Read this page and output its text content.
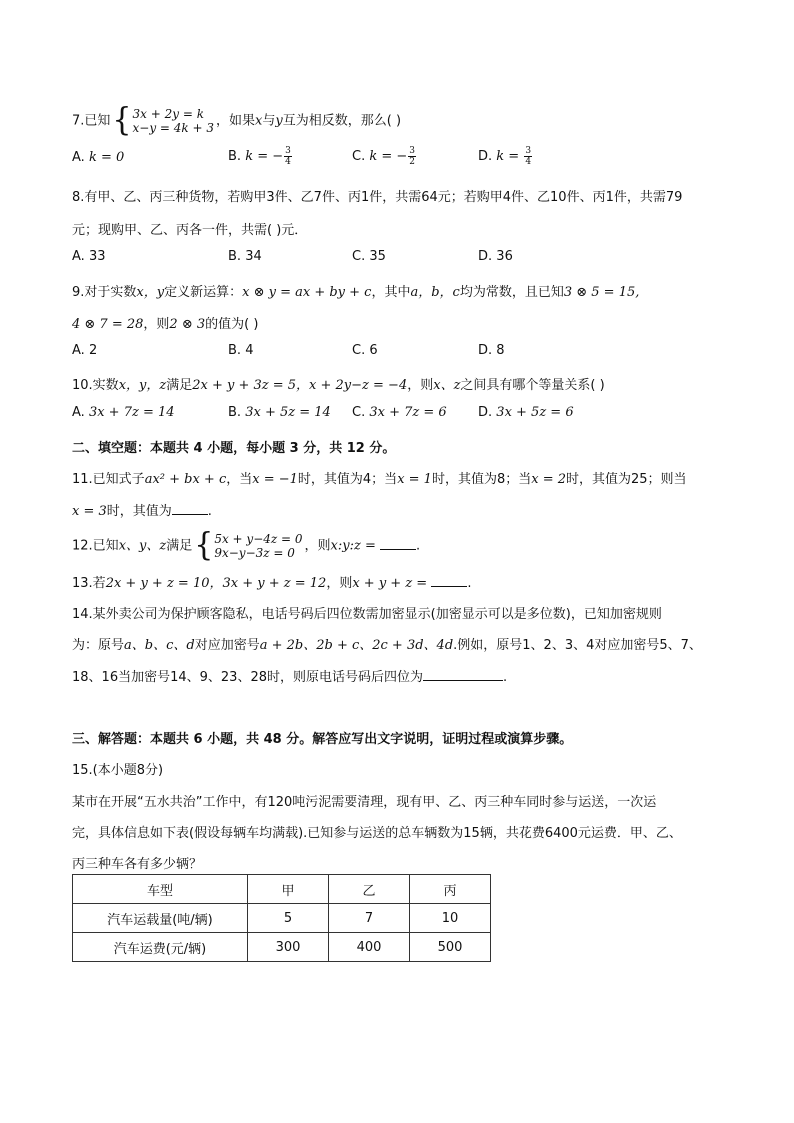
7.已知 { 3x + 2y = k
x−y = 4k + 3 ，如果x与y互为相反数，那么( )
A. k = 0	B. k = − $\frac{3}{4}$	C. k = − $\frac{3}{2}$	D. $k = \frac{3}{4}$
8.有甲、乙、丙三种货物，若购甲3件、乙7件、丙1件，共需64元；若购甲4件、乙10件、丙1件，共需79
元；现购甲、乙、丙各一件，共需( )元．
A. 33	B. 34	C. 35	D. 36
9.对于实数x，y定义新运算：x ⊗ y = ax + by + c，其中a，b，c均为常数，且已知3 ⊗ 5 = 15,
4 ⊗ 7 = 28，则2 ⊗ 3的值为( )
A. 2	B. 4	C. 6	D. 8
10.实数x，y，z满足2x + y + 3z = 5，x + 2y−z = −4，则x、z之间具有哪个等量关系( )
A. 3x + 7z = 14	B. 3x + 5z = 14 C. 3x + 7z = 6 D. 3x + 5z = 6
二、填空题：本题共 4 小题，每小题 3 分，共 12 分。
11.已知式子ax² + bx + c，当x = −1时，其值为4；当x = 1时，其值为8；当x = 2时，其值为25；则当
x = 3时，其值为	.
12.已知x、y、z满足 { 5x + y−4z = 0
9x−y−3z = 0 ，则x:y:z =	.
13.若2x + y + z = 10，3x + y + z = 12，则x + y + z =	.
14.某外卖公司为保护顾客隐私，电话号码后四位数需加密显示(加密显示可以是多位数)，已知加密规则
为：原号a、b、c、d对应加密号a + 2b、2b + c、2c + 3d、4d.例如，原号1、2、3、4对应加密号5、7、
18、16当加密号14、9、23、28时，则原电话号码后四位为	.
三、解答题：本题共 6 小题，共 48 分。解答应写出文字说明，证明过程或演算步骤。
15.(本小题8分)
某市在开展“五水共治”工作中，有120吨污泥需要清理，现有甲、乙、丙三种车同时参与运送，一次运
完，具体信息如下表(假设每辆车均满载).已知参与运送的总车辆数为15辆，共花费6400元运费．甲、乙、
丙三种车各有多少辆？
车型	甲	乙	丙
汽车运载量(吨/辆)	5	7	10
汽车运费(元/辆)	300	400	500
